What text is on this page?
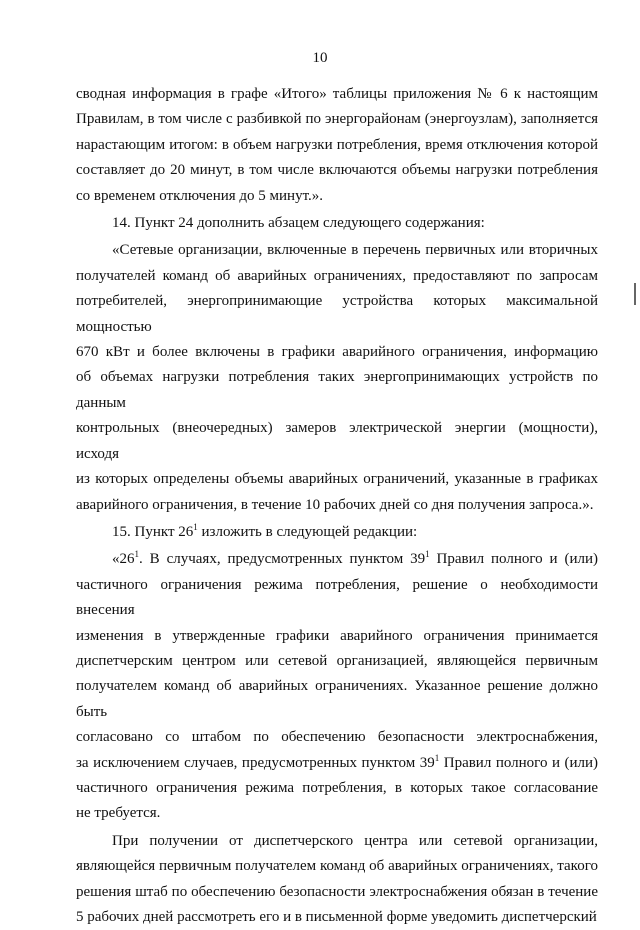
10

сводная информация в графе «Итого» таблицы приложения № 6 к настоящим

Правилам, в том числе с разбивкой по энергорайонам (энергоузлам), заполняется

нарастающим итогом: в объем нагрузки потребления, время отключения которой

составляет до 20 минут, в том числе включаются объемы нагрузки потребления

со временем отключения до 5 минут.».

14. Пункт 24 дополнить абзацем следующего содержания:

«Сетевые организации, включенные в перечень первичных или вторичных

получателей команд об аварийных ограничениях, предоставляют по запросам

потребителей, энергопринимающие устройства которых максимальной мощностью

670 кВт и более включены в графики аварийного ограничения, информацию

об объемах нагрузки потребления таких энергопринимающих устройств по данным

контрольных (внеочередных) замеров электрической энергии (мощности), исходя

из которых определены объемы аварийных ограничений, указанные в графиках

аварийного ограничения, в течение 10 рабочих дней со дня получения запроса.».

15. Пункт $26^1$ изложить в следующей редакции:

«$26^1$. В случаях, предусмотренных пунктом $39^1$ Правил полного и (или)

частичного ограничения режима потребления, решение о необходимости внесения

изменения в утвержденные графики аварийного ограничения принимается

диспетчерским центром или сетевой организацией, являющейся первичным

получателем команд об аварийных ограничениях. Указанное решение должно быть

согласовано со штабом по обеспечению безопасности электроснабжения,

за исключением случаев, предусмотренных пунктом $39^1$ Правил полного и (или)

частичного ограничения режима потребления, в которых такое согласование

не требуется.

При получении от диспетчерского центра или сетевой организации,

являющейся первичным получателем команд об аварийных ограничениях, такого

решения штаб по обеспечению безопасности электроснабжения обязан в течение

5 рабочих дней рассмотреть его и в письменной форме уведомить диспетчерский
